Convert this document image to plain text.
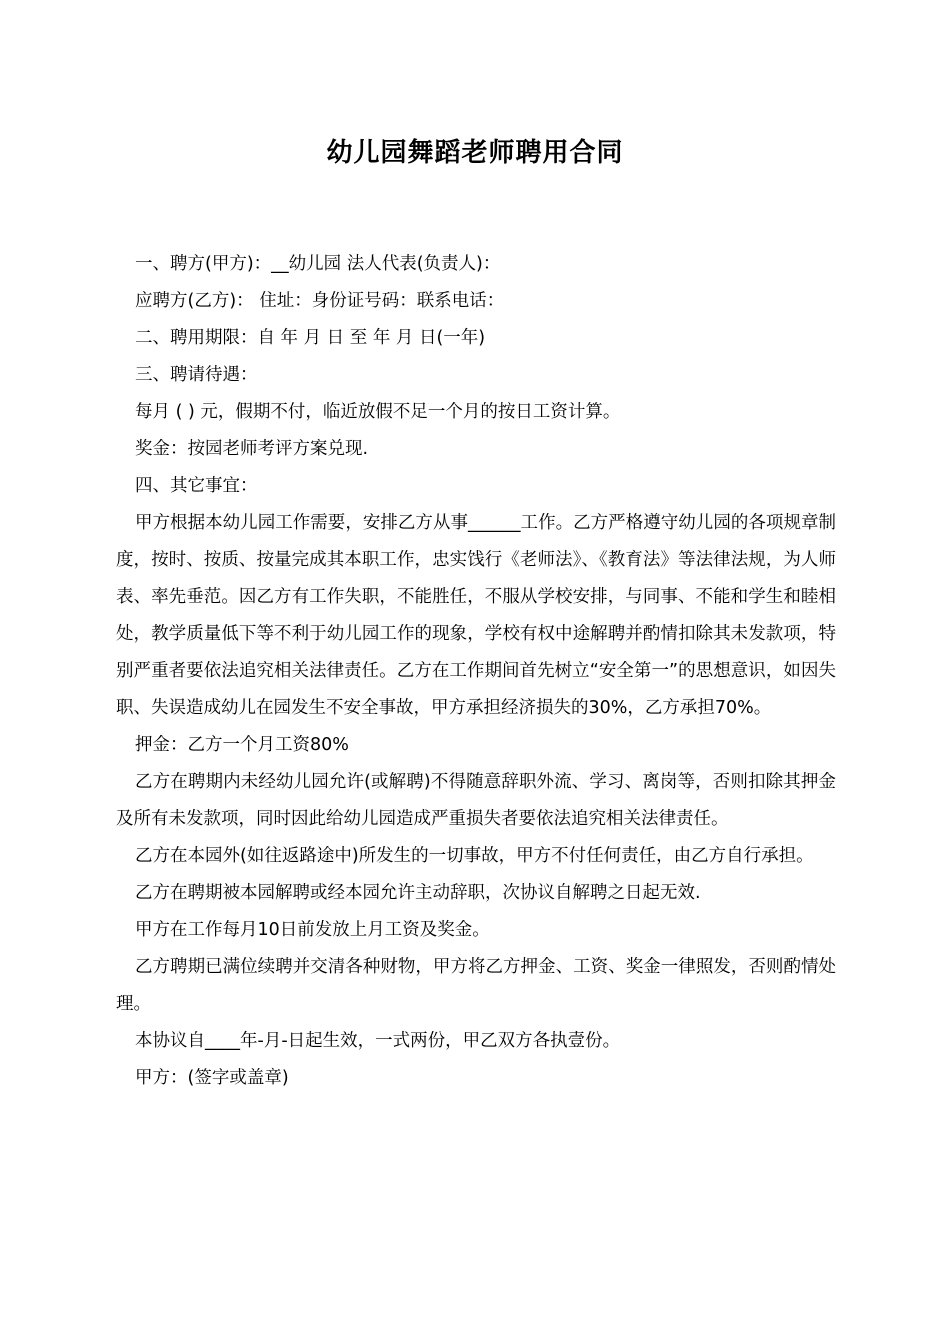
幼儿园舞蹈老师聘用合同

一、聘方(甲方)：__幼儿园 法人代表(负责人)：

应聘方(乙方)： 住址：身份证号码：联系电话：

二、聘用期限：自 年 月 日 至 年 月 日(一年)

三、聘请待遇：

每月 ( ) 元，假期不付，临近放假不足一个月的按日工资计算。

奖金：按园老师考评方案兑现.

四、其它事宜：

甲方根据本幼儿园工作需要，安排乙方从事______工作。乙方严格遵守幼儿园的各项规章制度，按时、按质、按量完成其本职工作，忠实饯行《老师法》、《教育法》等法律法规，为人师表、率先垂范。因乙方有工作失职，不能胜任，不服从学校安排，与同事、不能和学生和睦相处，教学质量低下等不利于幼儿园工作的现象，学校有权中途解聘并酌情扣除其未发款项，特别严重者要依法追究相关法律责任。乙方在工作期间首先树立“安全第一”的思想意识，如因失职、失误造成幼儿在园发生不安全事故，甲方承担经济损失的30%，乙方承担70%。

押金：乙方一个月工资80%

乙方在聘期内未经幼儿园允许(或解聘)不得随意辞职外流、学习、离岗等，否则扣除其押金及所有未发款项，同时因此给幼儿园造成严重损失者要依法追究相关法律责任。

乙方在本园外(如往返路途中)所发生的一切事故，甲方不付任何责任，由乙方自行承担。

乙方在聘期被本园解聘或经本园允许主动辞职，次协议自解聘之日起无效.

甲方在工作每月10日前发放上月工资及奖金。

乙方聘期已满位续聘并交清各种财物，甲方将乙方押金、工资、奖金一律照发，否则酌情处理。

本协议自____年-月-日起生效，一式两份，甲乙双方各执壹份。

甲方：(签字或盖章)
